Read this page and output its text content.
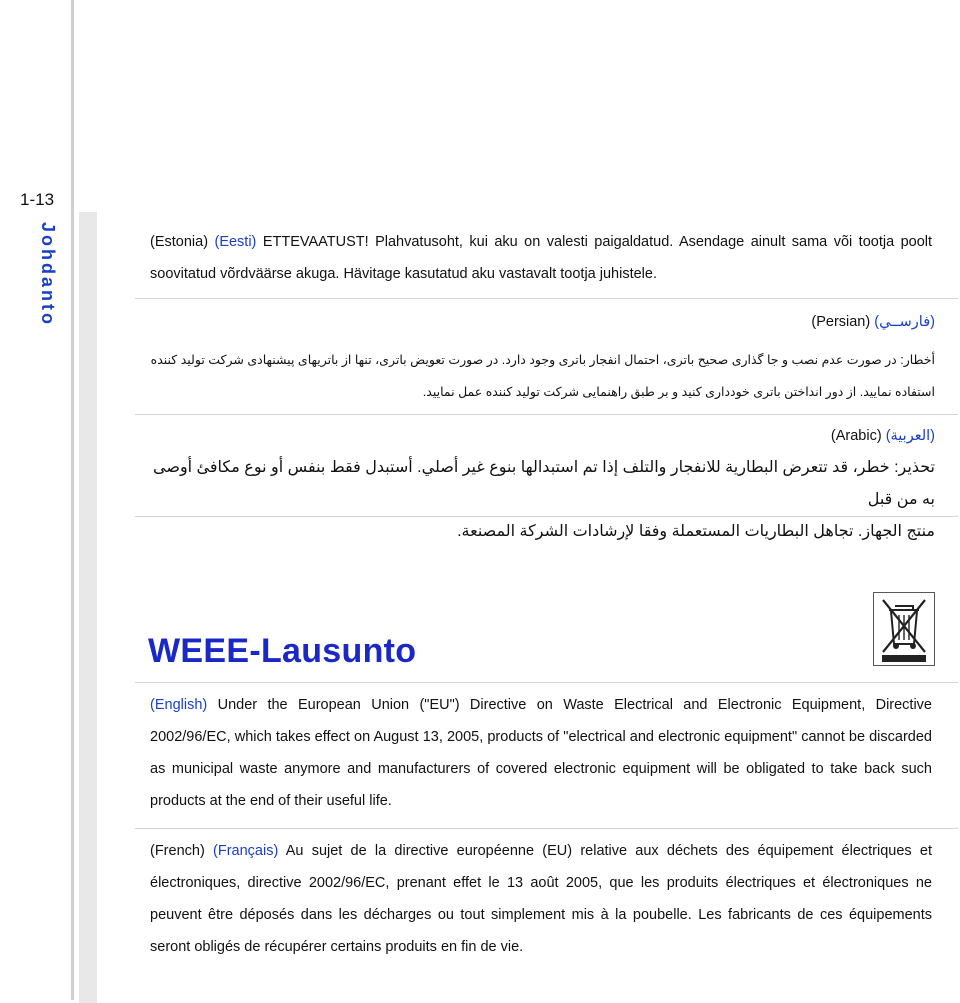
1-13
Johdanto	(Estonia) (Eesti) ETTEVAATUST! Plahvatusoht, kui aku on valesti paigaldatud. Asendage ainult sama või tootja poolt
soovitatud võrdväärse akuga. Hävitage kasutatud aku vastavalt tootja juhistele.
(فارســي) (Persian)
أخطار: در صورت عدم نصب و جا گذاری صحیح باتری، احتمال انفجار باتری وجود دارد. در صورت تعویض باتری، تنها از باتریهای پیشنهادی شرکت تولید کننده
استفاده نمایید. از دور انداختن باتری خودداری کنید و بر طبق راهنمایی شرکت تولید کننده عمل نمایید.
(العربية) (Arabic)
تحذير: خطر، قد تتعرض البطارية للانفجار والتلف إذا تم استبدالها بنوع غير أصلي. أستبدل فقط بنفس أو نوع مكافئ أوصى به من قبل
منتج الجهاز. تجاهل البطاريات المستعملة وفقا لإرشادات الشركة المصنعة.
WEEE-Lausunto
(English) Under the European Union ("EU") Directive on Waste Electrical and Electronic Equipment, Directive
2002/96/EC, which takes effect on August 13, 2005, products of "electrical and electronic equipment" cannot be discarded
as municipal waste anymore and manufacturers of covered electronic equipment will be obligated to take back such
products at the end of their useful life.
(French) (Français) Au sujet de la directive européenne (EU) relative aux déchets des équipement électriques et
électroniques, directive 2002/96/EC, prenant effet le 13 août 2005, que les produits électriques et électroniques ne
peuvent être déposés dans les décharges ou tout simplement mis à la poubelle. Les fabricants de ces équipements
seront obligés de récupérer certains produits en fin de vie.
